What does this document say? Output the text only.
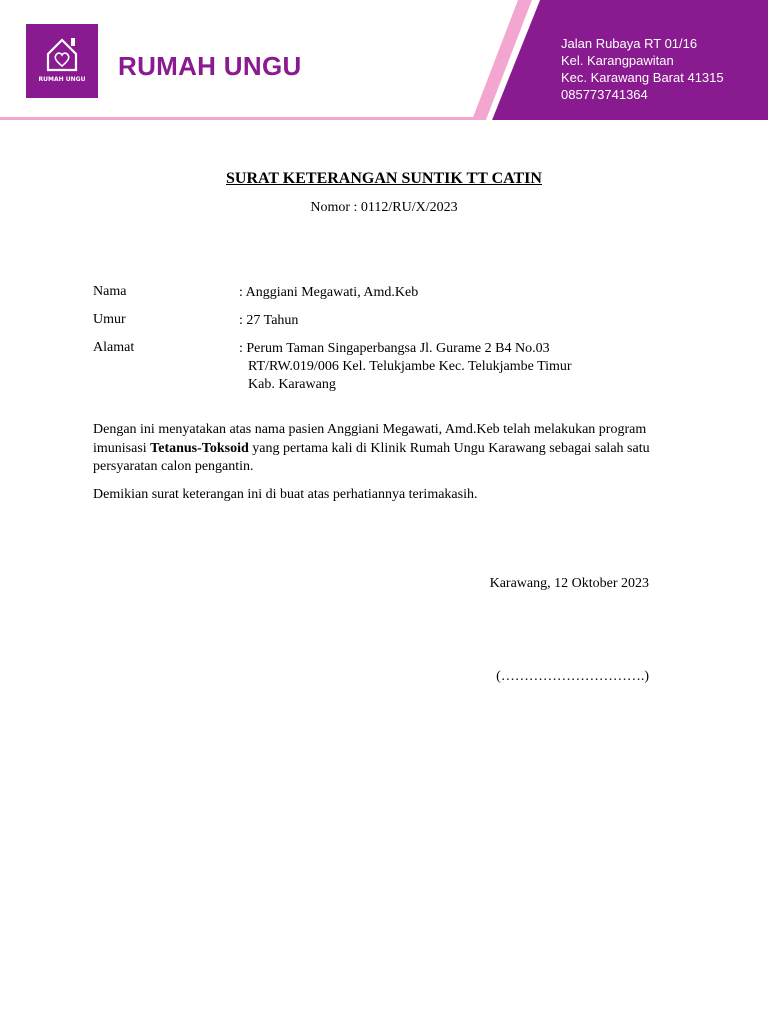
RUMAH UNGU	RUMAH UNGU
Jalan Rubaya RT 01/16
Kel. Karangpawitan
Kec. Karawang Barat 41315
085773741364
SURAT KETERANGAN SUNTIK TT CATIN
Nomor : 0112/RU/X/2023
Nama	: Anggiani Megawati, Amd.Keb
Umur	: 27 Tahun
Alamat	: Perum Taman Singaperbangsa Jl. Gurame 2 B4 No.03
RT/RW.019/006 Kel. Telukjambe Kec. Telukjambe Timur
Kab. Karawang
Dengan ini menyatakan atas nama pasien Anggiani Megawati, Amd.Keb telah melakukan program imunisasi Tetanus-Toksoid yang pertama kali di Klinik Rumah Ungu Karawang sebagai salah satu persyaratan calon pengantin.
Demikian surat keterangan ini di buat atas perhatiannya terimakasih.
Karawang, 12 Oktober 2023
(………………………….)
